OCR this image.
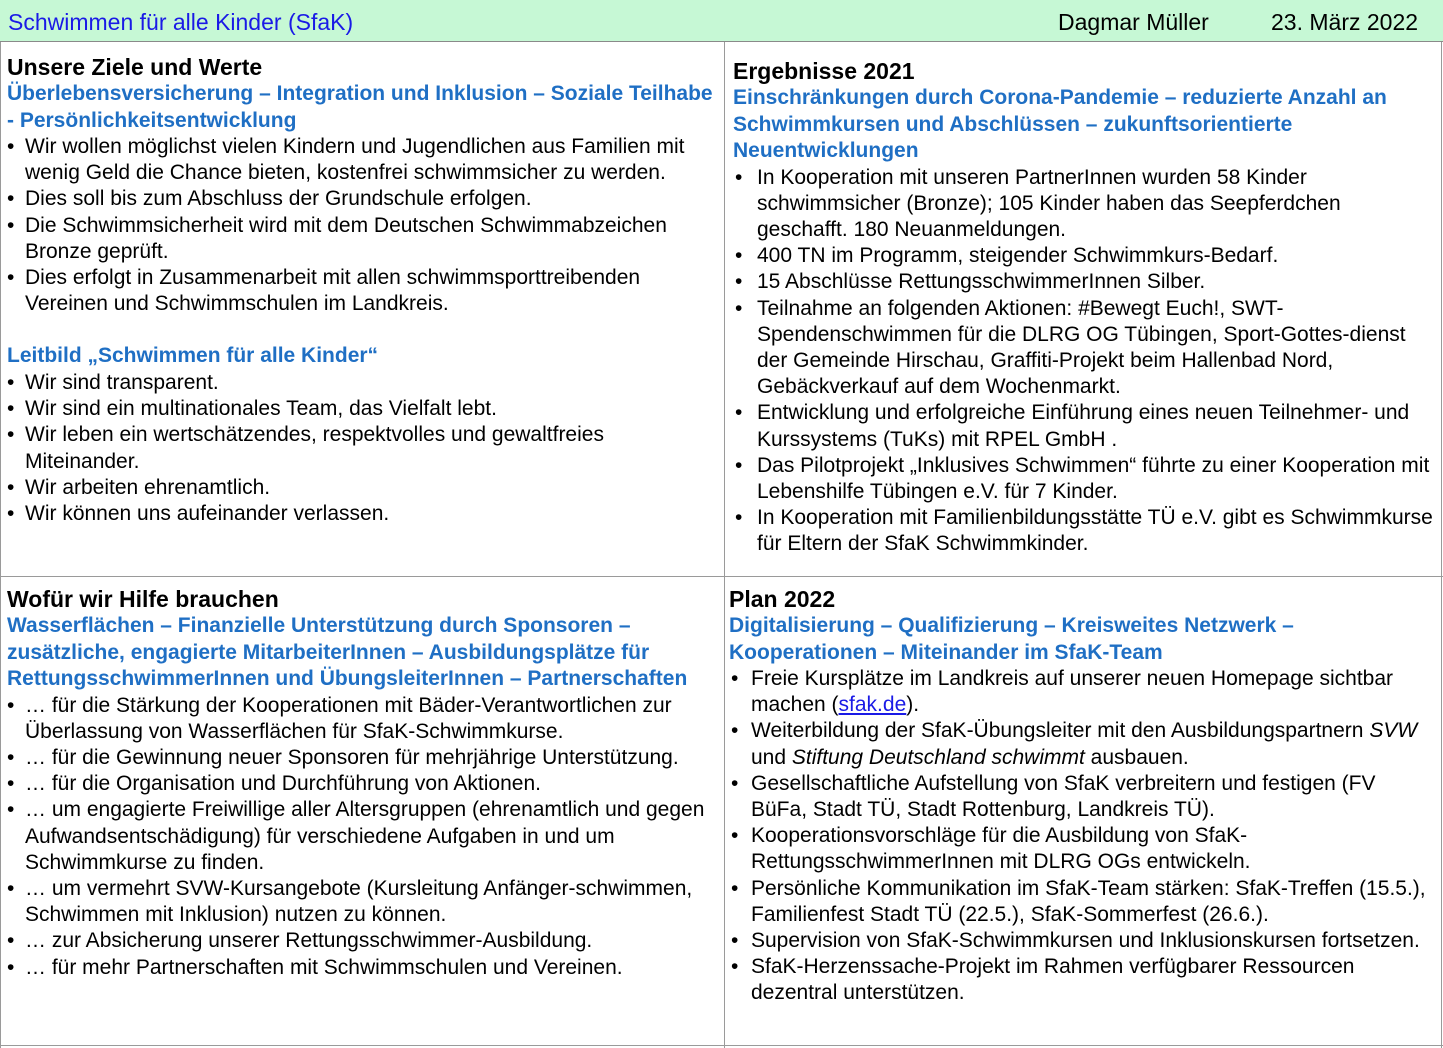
Schwimmen für alle Kinder (SfaK)	Dagmar Müller	23. März 2022
Unsere Ziele und Werte

Überlebensversicherung – Integration und Inklusion – Soziale Teilhabe - Persönlichkeitsentwicklung

• Wir wollen möglichst vielen Kindern und Jugendlichen aus Familien mit wenig Geld die Chance bieten, kostenfrei schwimmsicher zu werden.
• Dies soll bis zum Abschluss der Grundschule erfolgen.
• Die Schwimmsicherheit wird mit dem Deutschen Schwimmabzeichen Bronze geprüft.
• Dies erfolgt in Zusammenarbeit mit allen schwimmsporttreibenden Vereinen und Schwimmschulen im Landkreis.

Leitbild „Schwimmen für alle Kinder“

• Wir sind transparent.
• Wir sind ein multinationales Team, das Vielfalt lebt.
• Wir leben ein wertschätzendes, respektvolles und gewaltfreies Miteinander.
• Wir arbeiten ehrenamtlich.
• Wir können uns aufeinander verlassen.
Ergebnisse 2021

Einschränkungen durch Corona-Pandemie – reduzierte Anzahl an Schwimmkursen und Abschlüssen – zukunftsorientierte Neuentwicklungen

• In Kooperation mit unseren PartnerInnen wurden 58 Kinder schwimmsicher (Bronze); 105 Kinder haben das Seepferdchen geschafft. 180 Neuanmeldungen.
• 400 TN im Programm, steigender Schwimmkurs-Bedarf.
• 15 Abschlüsse RettungsschwimmerInnen Silber.
• Teilnahme an folgenden Aktionen: #Bewegt Euch!, SWT-Spendenschwimmen für die DLRG OG Tübingen, Sport-Gottes-dienst der Gemeinde Hirschau, Graffiti-Projekt beim Hallenbad Nord, Gebäckverkauf auf dem Wochenmarkt.
• Entwicklung und erfolgreiche Einführung eines neuen Teilnehmer- und Kurssystems (TuKs) mit RPEL GmbH .
• Das Pilotprojekt „Inklusives Schwimmen“ führte zu einer Kooperation mit Lebenshilfe Tübingen e.V. für 7 Kinder.
• In Kooperation mit Familienbildungsstätte TÜ e.V. gibt es Schwimmkurse für Eltern der SfaK Schwimmkinder.
Wofür wir Hilfe brauchen

Wasserflächen – Finanzielle Unterstützung durch Sponsoren – zusätzliche, engagierte MitarbeiterInnen – Ausbildungsplätze für RettungsschwimmerInnen und ÜbungsleiterInnen – Partnerschaften

• … für die Stärkung der Kooperationen mit Bäder-Verantwortlichen zur Überlassung von Wasserflächen für SfaK-Schwimmkurse.
• … für die Gewinnung neuer Sponsoren für mehrjährige Unterstützung.
• … für die Organisation und Durchführung von Aktionen.
• … um engagierte Freiwillige aller Altersgruppen (ehrenamtlich und gegen Aufwandsentschädigung) für verschiedene Aufgaben in und um Schwimmkurse zu finden.
• … um vermehrt SVW-Kursangebote (Kursleitung Anfänger-schwimmen, Schwimmen mit Inklusion) nutzen zu können.
• … zur Absicherung unserer Rettungsschwimmer-Ausbildung.
• … für mehr Partnerschaften mit Schwimmschulen und Vereinen.
Plan 2022

Digitalisierung – Qualifizierung – Kreisweites Netzwerk – Kooperationen – Miteinander im SfaK-Team

• Freie Kursplätze im Landkreis auf unserer neuen Homepage sichtbar machen (sfak.de).
• Weiterbildung der SfaK-Übungsleiter mit den Ausbildungspartnern SVW und Stiftung Deutschland schwimmt ausbauen.
• Gesellschaftliche Aufstellung von SfaK verbreitern und festigen (FV BüFa, Stadt TÜ, Stadt Rottenburg, Landkreis TÜ).
• Kooperationsvorschläge für die Ausbildung von SfaK-RettungsschwimmerInnen mit DLRG OGs entwickeln.
• Persönliche Kommunikation im SfaK-Team stärken: SfaK-Treffen (15.5.), Familienfest Stadt TÜ (22.5.), SfaK-Sommerfest (26.6.).
• Supervision von SfaK-Schwimmkursen und Inklusionskursen fortsetzen.
• SfaK-Herzenssache-Projekt im Rahmen verfügbarer Ressourcen dezentral unterstützen.
